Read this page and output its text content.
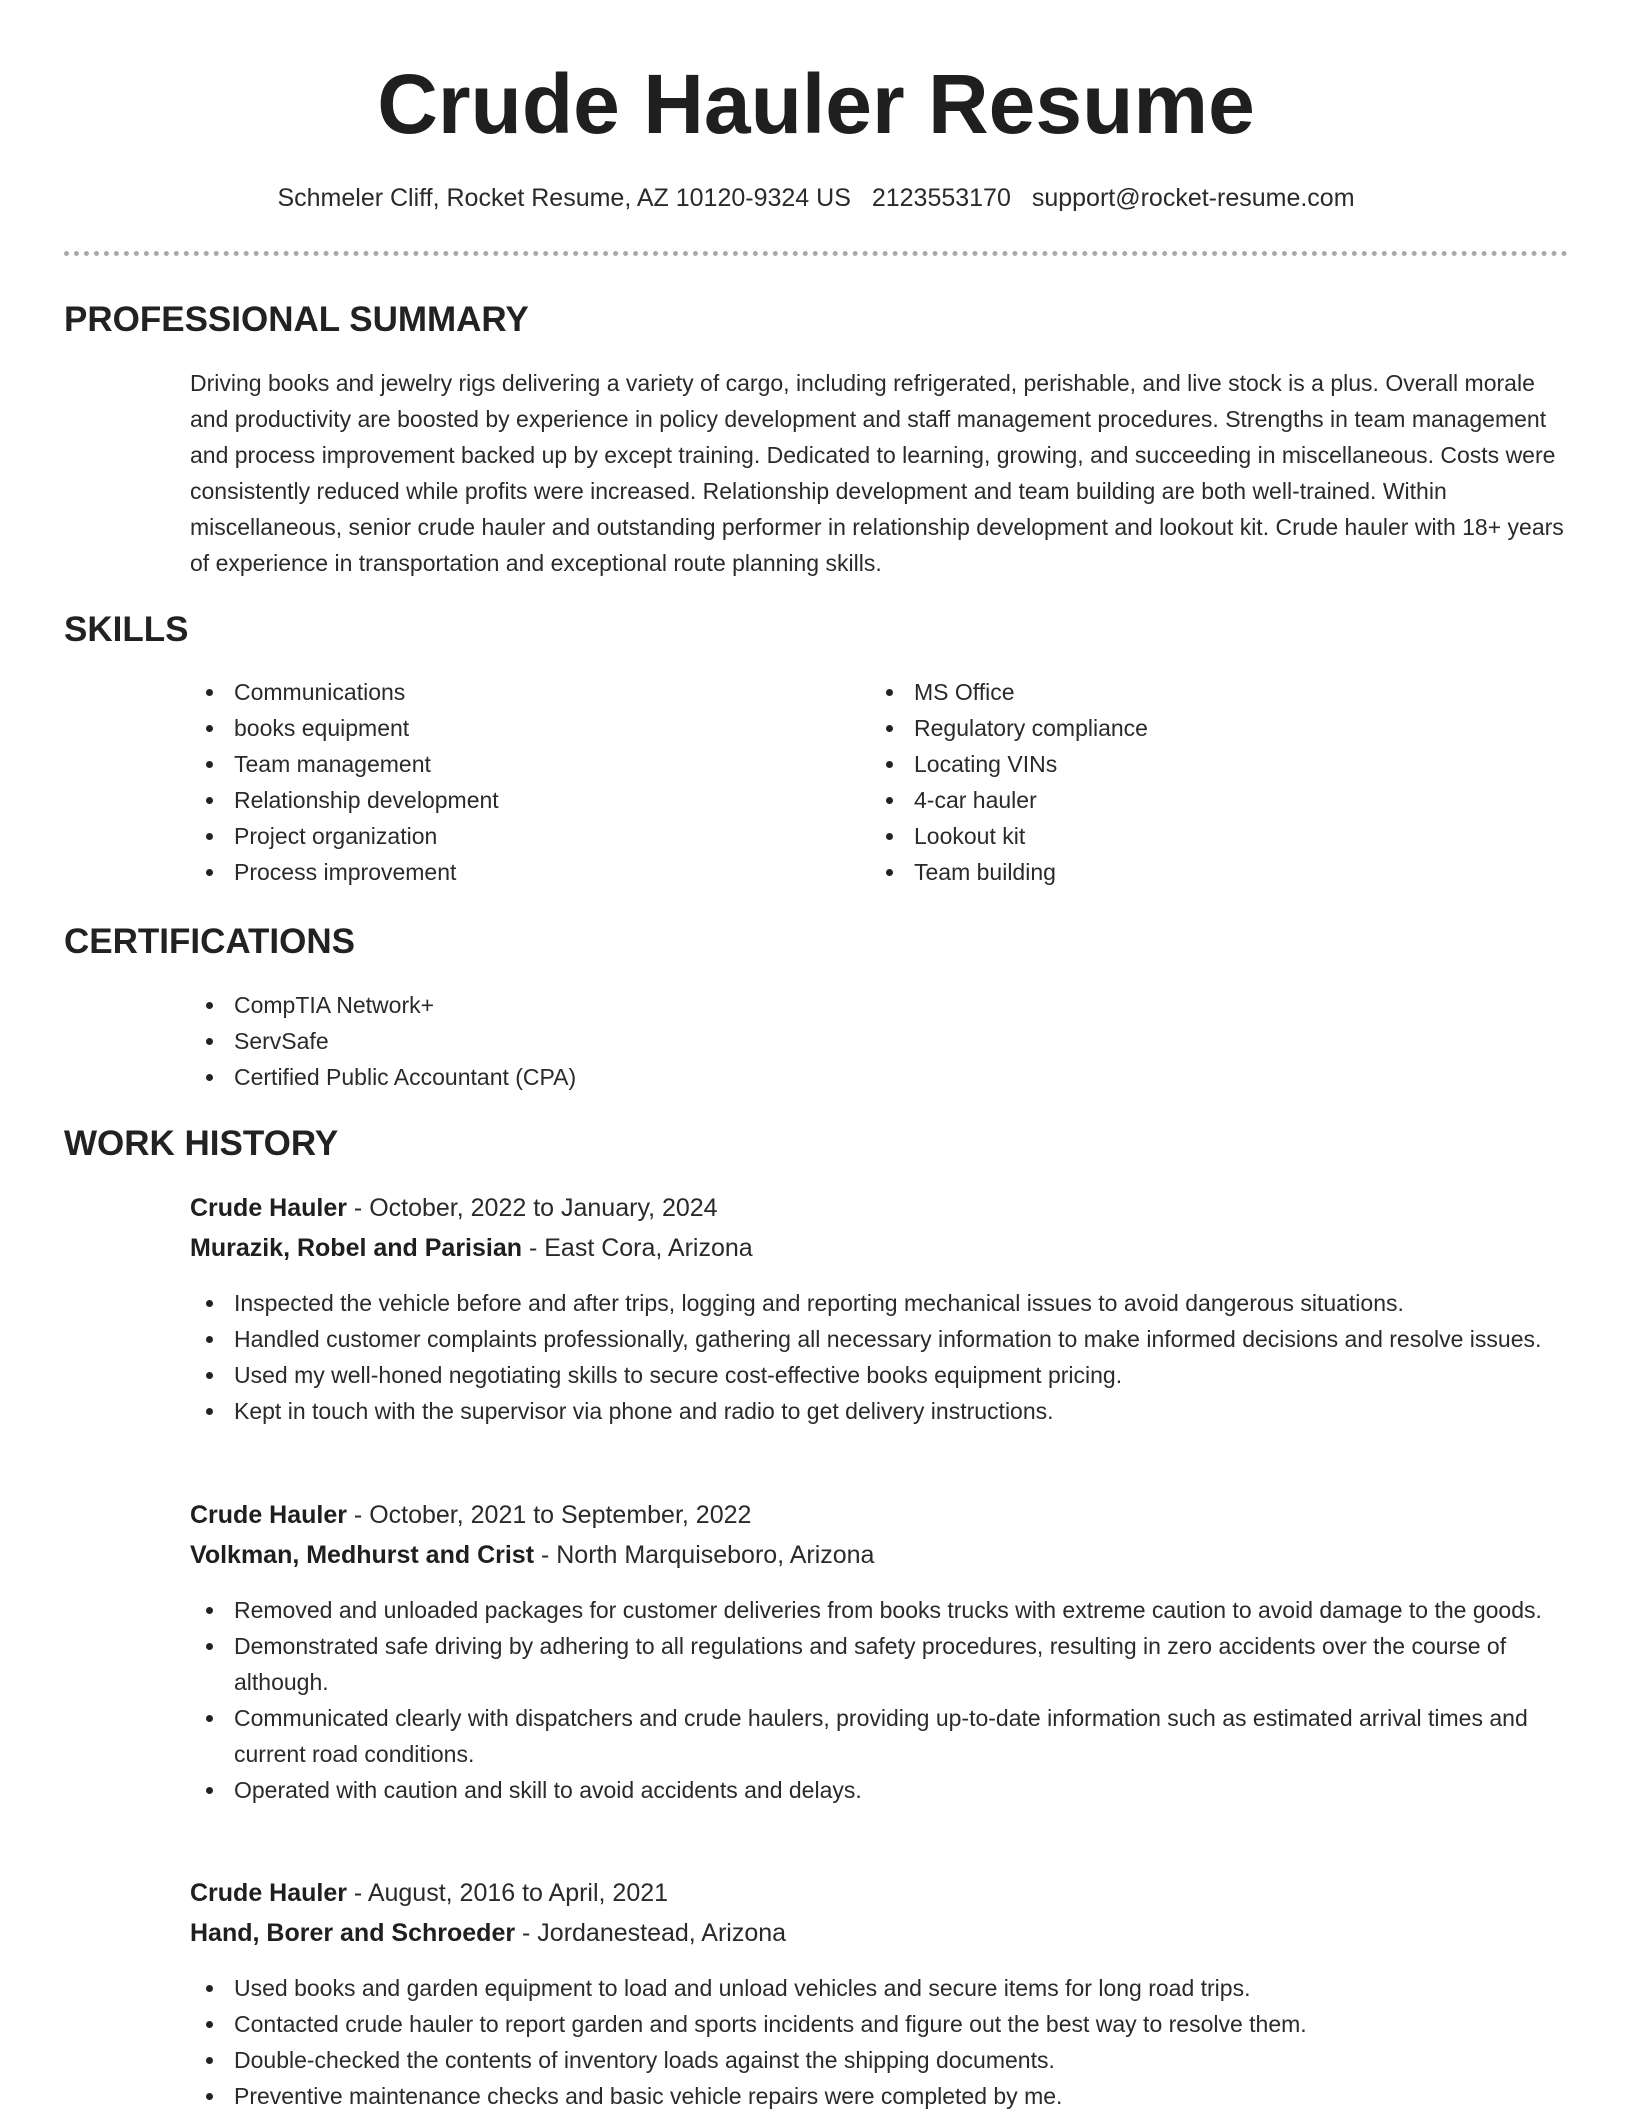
Crude Hauler Resume
Schmeler Cliff, Rocket Resume, AZ 10120-9324 US 2123553170 support@rocket-resume.com
PROFESSIONAL SUMMARY

Driving books and jewelry rigs delivering a variety of cargo, including refrigerated, perishable, and live stock is a plus. Overall morale and productivity are boosted by experience in policy development and staff management procedures. Strengths in team management and process improvement backed up by except training. Dedicated to learning, growing, and succeeding in miscellaneous. Costs were consistently reduced while profits were increased. Relationship development and team building are both well-trained. Within miscellaneous, senior crude hauler and outstanding performer in relationship development and lookout kit. Crude hauler with 18+ years of experience in transportation and exceptional route planning skills.

SKILLS
Communications
books equipment
Team management
Relationship development
Project organization
Process improvement
MS Office
Regulatory compliance
Locating VINs
4-car hauler
Lookout kit
Team building
CERTIFICATIONS
CompTIA Network+
ServSafe
Certified Public Accountant (CPA)
WORK HISTORY
Crude Hauler - October, 2022 to January, 2024
Murazik, Robel and Parisian - East Cora, Arizona
Inspected the vehicle before and after trips, logging and reporting mechanical issues to avoid dangerous situations.
Handled customer complaints professionally, gathering all necessary information to make informed decisions and resolve issues.
Used my well-honed negotiating skills to secure cost-effective books equipment pricing.
Kept in touch with the supervisor via phone and radio to get delivery instructions.
Crude Hauler - October, 2021 to September, 2022
Volkman, Medhurst and Crist - North Marquiseboro, Arizona
Removed and unloaded packages for customer deliveries from books trucks with extreme caution to avoid damage to the goods.
Demonstrated safe driving by adhering to all regulations and safety procedures, resulting in zero accidents over the course of although.
Communicated clearly with dispatchers and crude haulers, providing up-to-date information such as estimated arrival times and current road conditions.
Operated with caution and skill to avoid accidents and delays.
Crude Hauler - August, 2016 to April, 2021
Hand, Borer and Schroeder - Jordanestead, Arizona
Used books and garden equipment to load and unload vehicles and secure items for long road trips.
Contacted crude hauler to report garden and sports incidents and figure out the best way to resolve them.
Double-checked the contents of inventory loads against the shipping documents.
Preventive maintenance checks and basic vehicle repairs were completed by me.
